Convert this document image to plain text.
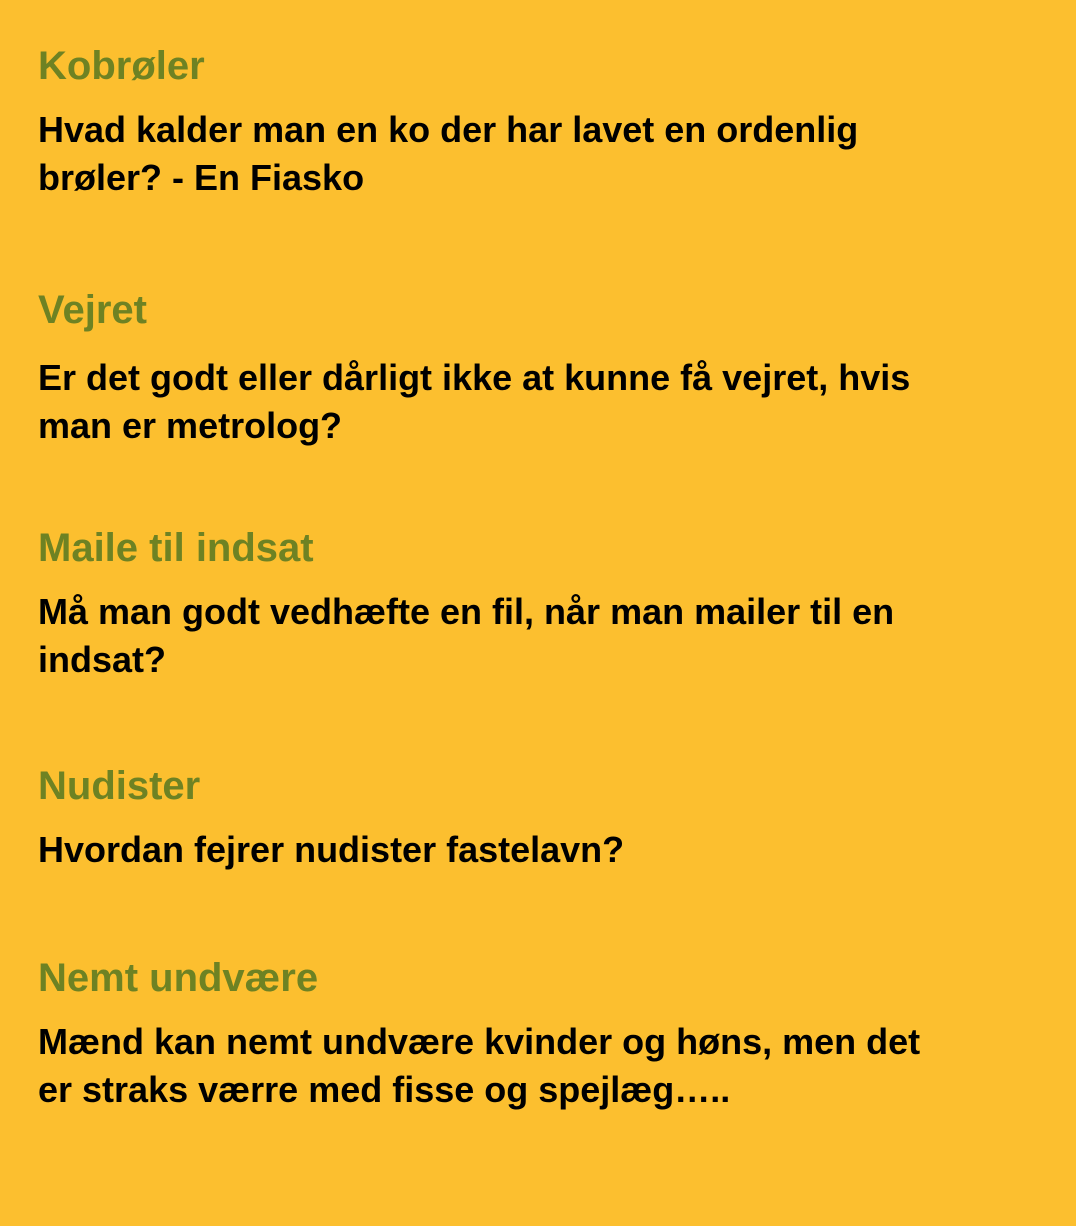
Kobrøler
Hvad kalder man en ko der har lavet en ordenlig
brøler? - En Fiasko
Vejret
Er det godt eller dårligt ikke at kunne få vejret, hvis
man er metrolog?
Maile til indsat
Må man godt vedhæfte en fil, når man mailer til en
indsat?
Nudister
Hvordan fejrer nudister fastelavn?
Nemt undvære
Mænd kan nemt undvære kvinder og høns, men det
er straks værre med fisse og spejlæg…..
